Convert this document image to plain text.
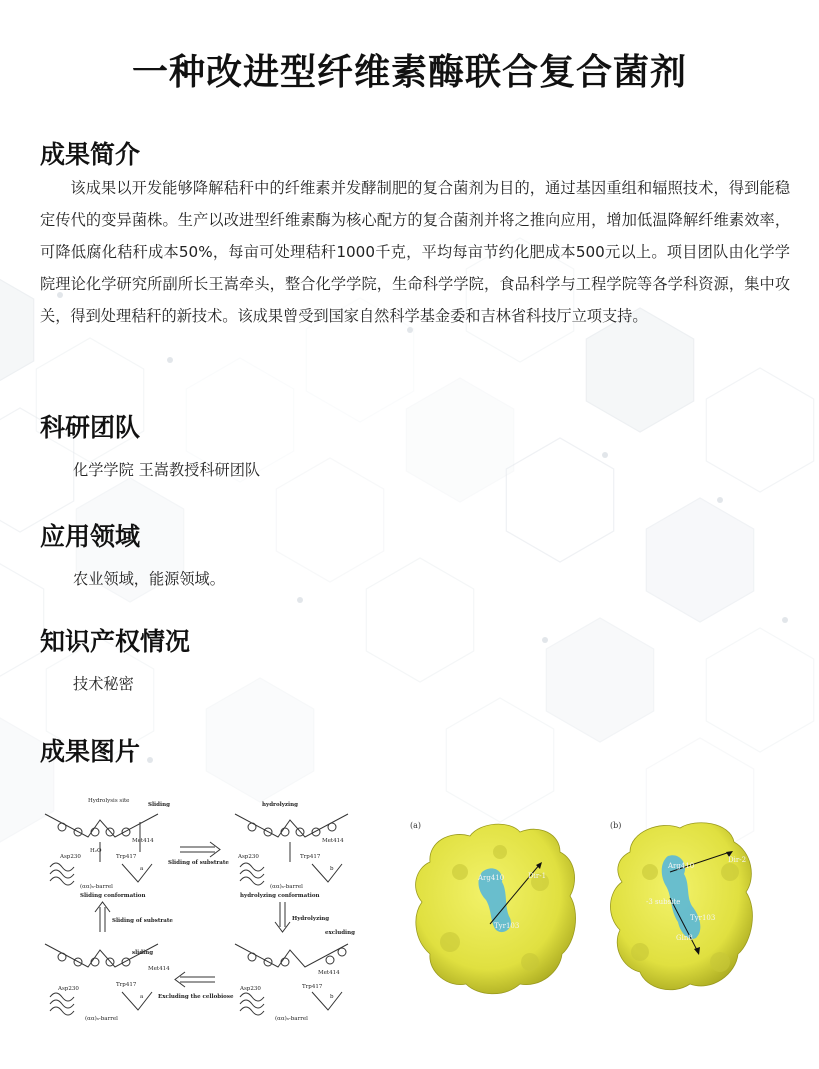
一种改进型纤维素酶联合复合菌剂
成果简介

该成果以开发能够降解秸秆中的纤维素并发酵制肥的复合菌剂为目的，通过基因重组和辐照技术，得到能稳定传代的变异菌株。生产以改进型纤维素酶为核心配方的复合菌剂并将之推向应用，增加低温降解纤维素效率，可降低腐化秸秆成本50%，每亩可处理秸秆1000千克，平均每亩节约化肥成本500元以上。项目团队由化学学院理论化学研究所副所长王嵩牵头，整合化学学院，生命科学学院，食品科学与工程学院等各学科资源，集中攻关，得到处理秸秆的新技术。该成果曾受到国家自然科学基金委和吉林省科技厅立项支持。

科研团队
化学学院 王嵩教授科研团队
应用领域
农业领域，能源领域。
知识产权情况
技术秘密
成果图片
Hydrolysis site
Sliding	hydrolyzing
Sliding of substrate
Sliding conformation	hydrolyzing conformation
Sliding of substrate	Hydrolyzing
excluding
sliding
Excluding the cellobiose
(αα)₆-barrel	(αα)₆-barrel
(αα)₆-barrel	(αα)₆-barrel
a	b
a	b
Asp230	Trp417
Met414
H₂O
Asp230	Trp417
Met414
Asp230
Trp417
Met414
Asp230	Trp417
Met414
(a)
Arg410	Dir-1
Tyr103
(b)
Arg410
Dir-2
-3 subsite
Tyr103
Gln8
